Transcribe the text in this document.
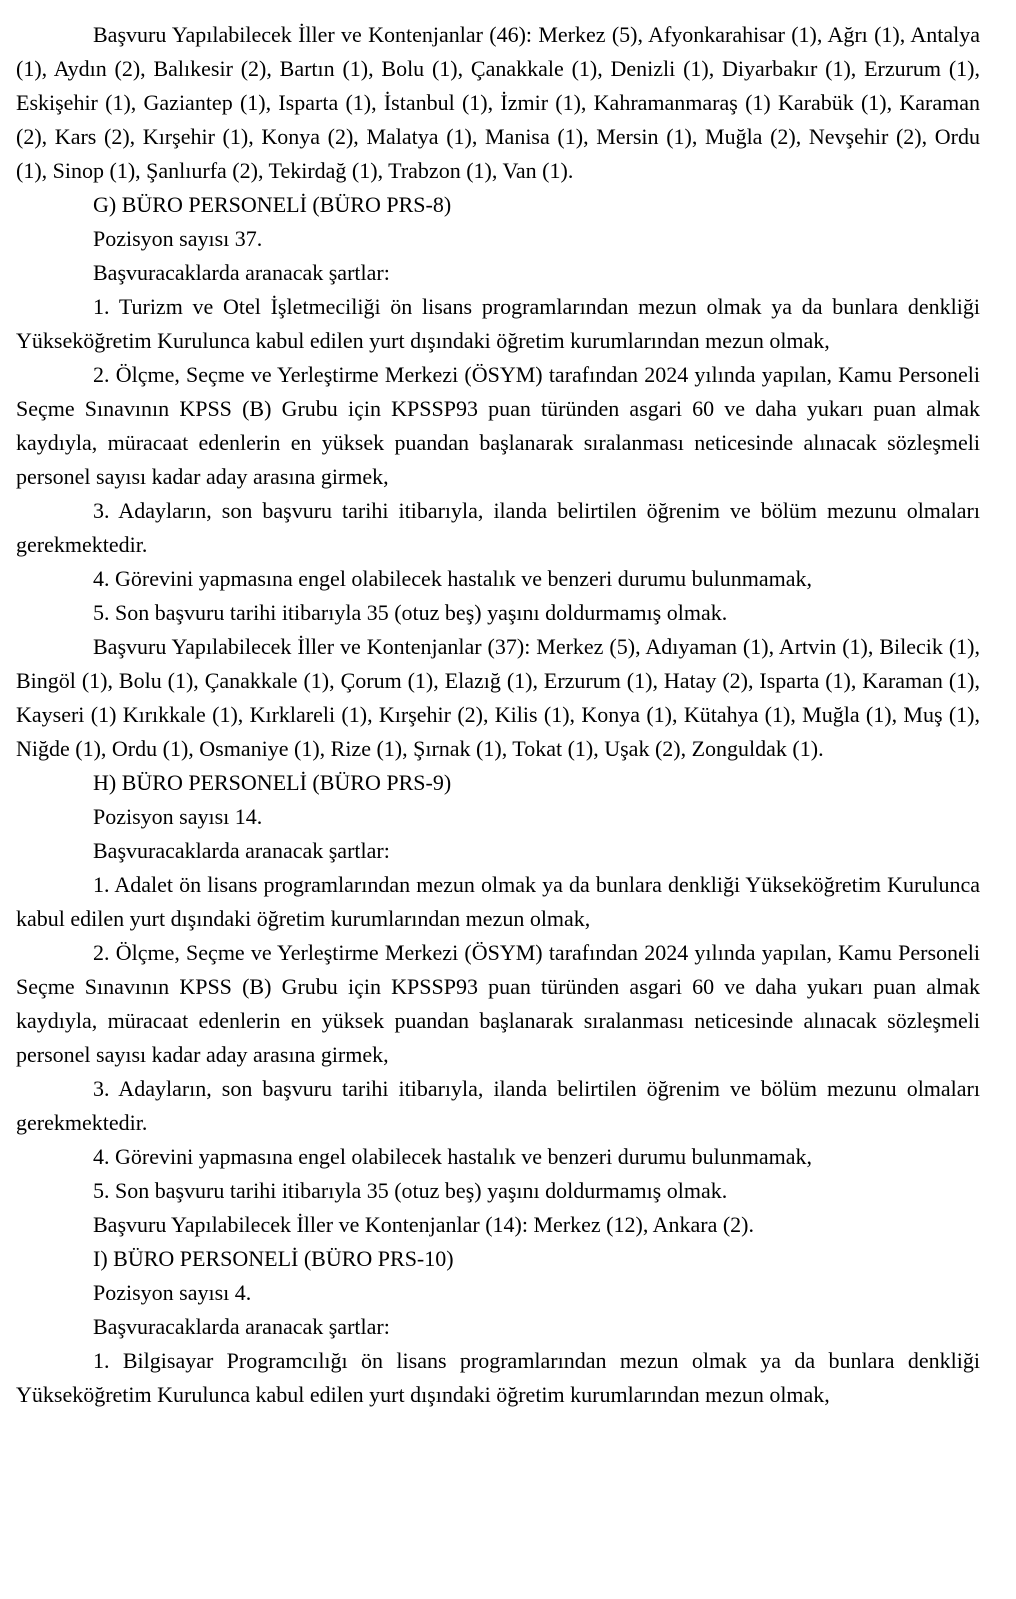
Başvuru Yapılabilecek İller ve Kontenjanlar (46): Merkez (5), Afyonkarahisar (1), Ağrı (1), Antalya (1), Aydın (2), Balıkesir (2), Bartın (1), Bolu (1), Çanakkale (1), Denizli (1), Diyarbakır (1), Erzurum (1), Eskişehir (1), Gaziantep (1), Isparta (1), İstanbul (1), İzmir (1), Kahramanmaraş (1) Karabük (1), Karaman (2), Kars (2), Kırşehir (1), Konya (2), Malatya (1), Manisa (1), Mersin (1), Muğla (2), Nevşehir (2), Ordu (1), Sinop (1), Şanlıurfa (2), Tekirdağ (1), Trabzon (1), Van (1).

G) BÜRO PERSONELİ (BÜRO PRS-8)

Pozisyon sayısı 37.

Başvuracaklarda aranacak şartlar:

1. Turizm ve Otel İşletmeciliği ön lisans programlarından mezun olmak ya da bunlara denkliği Yükseköğretim Kurulunca kabul edilen yurt dışındaki öğretim kurumlarından mezun olmak,

2. Ölçme, Seçme ve Yerleştirme Merkezi (ÖSYM) tarafından 2024 yılında yapılan, Kamu Personeli Seçme Sınavının KPSS (B) Grubu için KPSSP93 puan türünden asgari 60 ve daha yukarı puan almak kaydıyla, müracaat edenlerin en yüksek puandan başlanarak sıralanması neticesinde alınacak sözleşmeli personel sayısı kadar aday arasına girmek,

3. Adayların, son başvuru tarihi itibarıyla, ilanda belirtilen öğrenim ve bölüm mezunu olmaları gerekmektedir.

4. Görevini yapmasına engel olabilecek hastalık ve benzeri durumu bulunmamak,

5. Son başvuru tarihi itibarıyla 35 (otuz beş) yaşını doldurmamış olmak.

Başvuru Yapılabilecek İller ve Kontenjanlar (37): Merkez (5), Adıyaman (1), Artvin (1), Bilecik (1), Bingöl (1), Bolu (1), Çanakkale (1), Çorum (1), Elazığ (1), Erzurum (1), Hatay (2), Isparta (1), Karaman (1), Kayseri (1) Kırıkkale (1), Kırklareli (1), Kırşehir (2), Kilis (1), Konya (1), Kütahya (1), Muğla (1), Muş (1), Niğde (1), Ordu (1), Osmaniye (1), Rize (1), Şırnak (1), Tokat (1), Uşak (2), Zonguldak (1).

H) BÜRO PERSONELİ (BÜRO PRS-9)

Pozisyon sayısı 14.

Başvuracaklarda aranacak şartlar:

1. Adalet ön lisans programlarından mezun olmak ya da bunlara denkliği Yükseköğretim Kurulunca kabul edilen yurt dışındaki öğretim kurumlarından mezun olmak,

2. Ölçme, Seçme ve Yerleştirme Merkezi (ÖSYM) tarafından 2024 yılında yapılan, Kamu Personeli Seçme Sınavının KPSS (B) Grubu için KPSSP93 puan türünden asgari 60 ve daha yukarı puan almak kaydıyla, müracaat edenlerin en yüksek puandan başlanarak sıralanması neticesinde alınacak sözleşmeli personel sayısı kadar aday arasına girmek,

3. Adayların, son başvuru tarihi itibarıyla, ilanda belirtilen öğrenim ve bölüm mezunu olmaları gerekmektedir.

4. Görevini yapmasına engel olabilecek hastalık ve benzeri durumu bulunmamak,

5. Son başvuru tarihi itibarıyla 35 (otuz beş) yaşını doldurmamış olmak.

Başvuru Yapılabilecek İller ve Kontenjanlar (14): Merkez (12), Ankara (2).

I) BÜRO PERSONELİ (BÜRO PRS-10)

Pozisyon sayısı 4.

Başvuracaklarda aranacak şartlar:

1. Bilgisayar Programcılığı ön lisans programlarından mezun olmak ya da bunlara denkliği Yükseköğretim Kurulunca kabul edilen yurt dışındaki öğretim kurumlarından mezun olmak,
